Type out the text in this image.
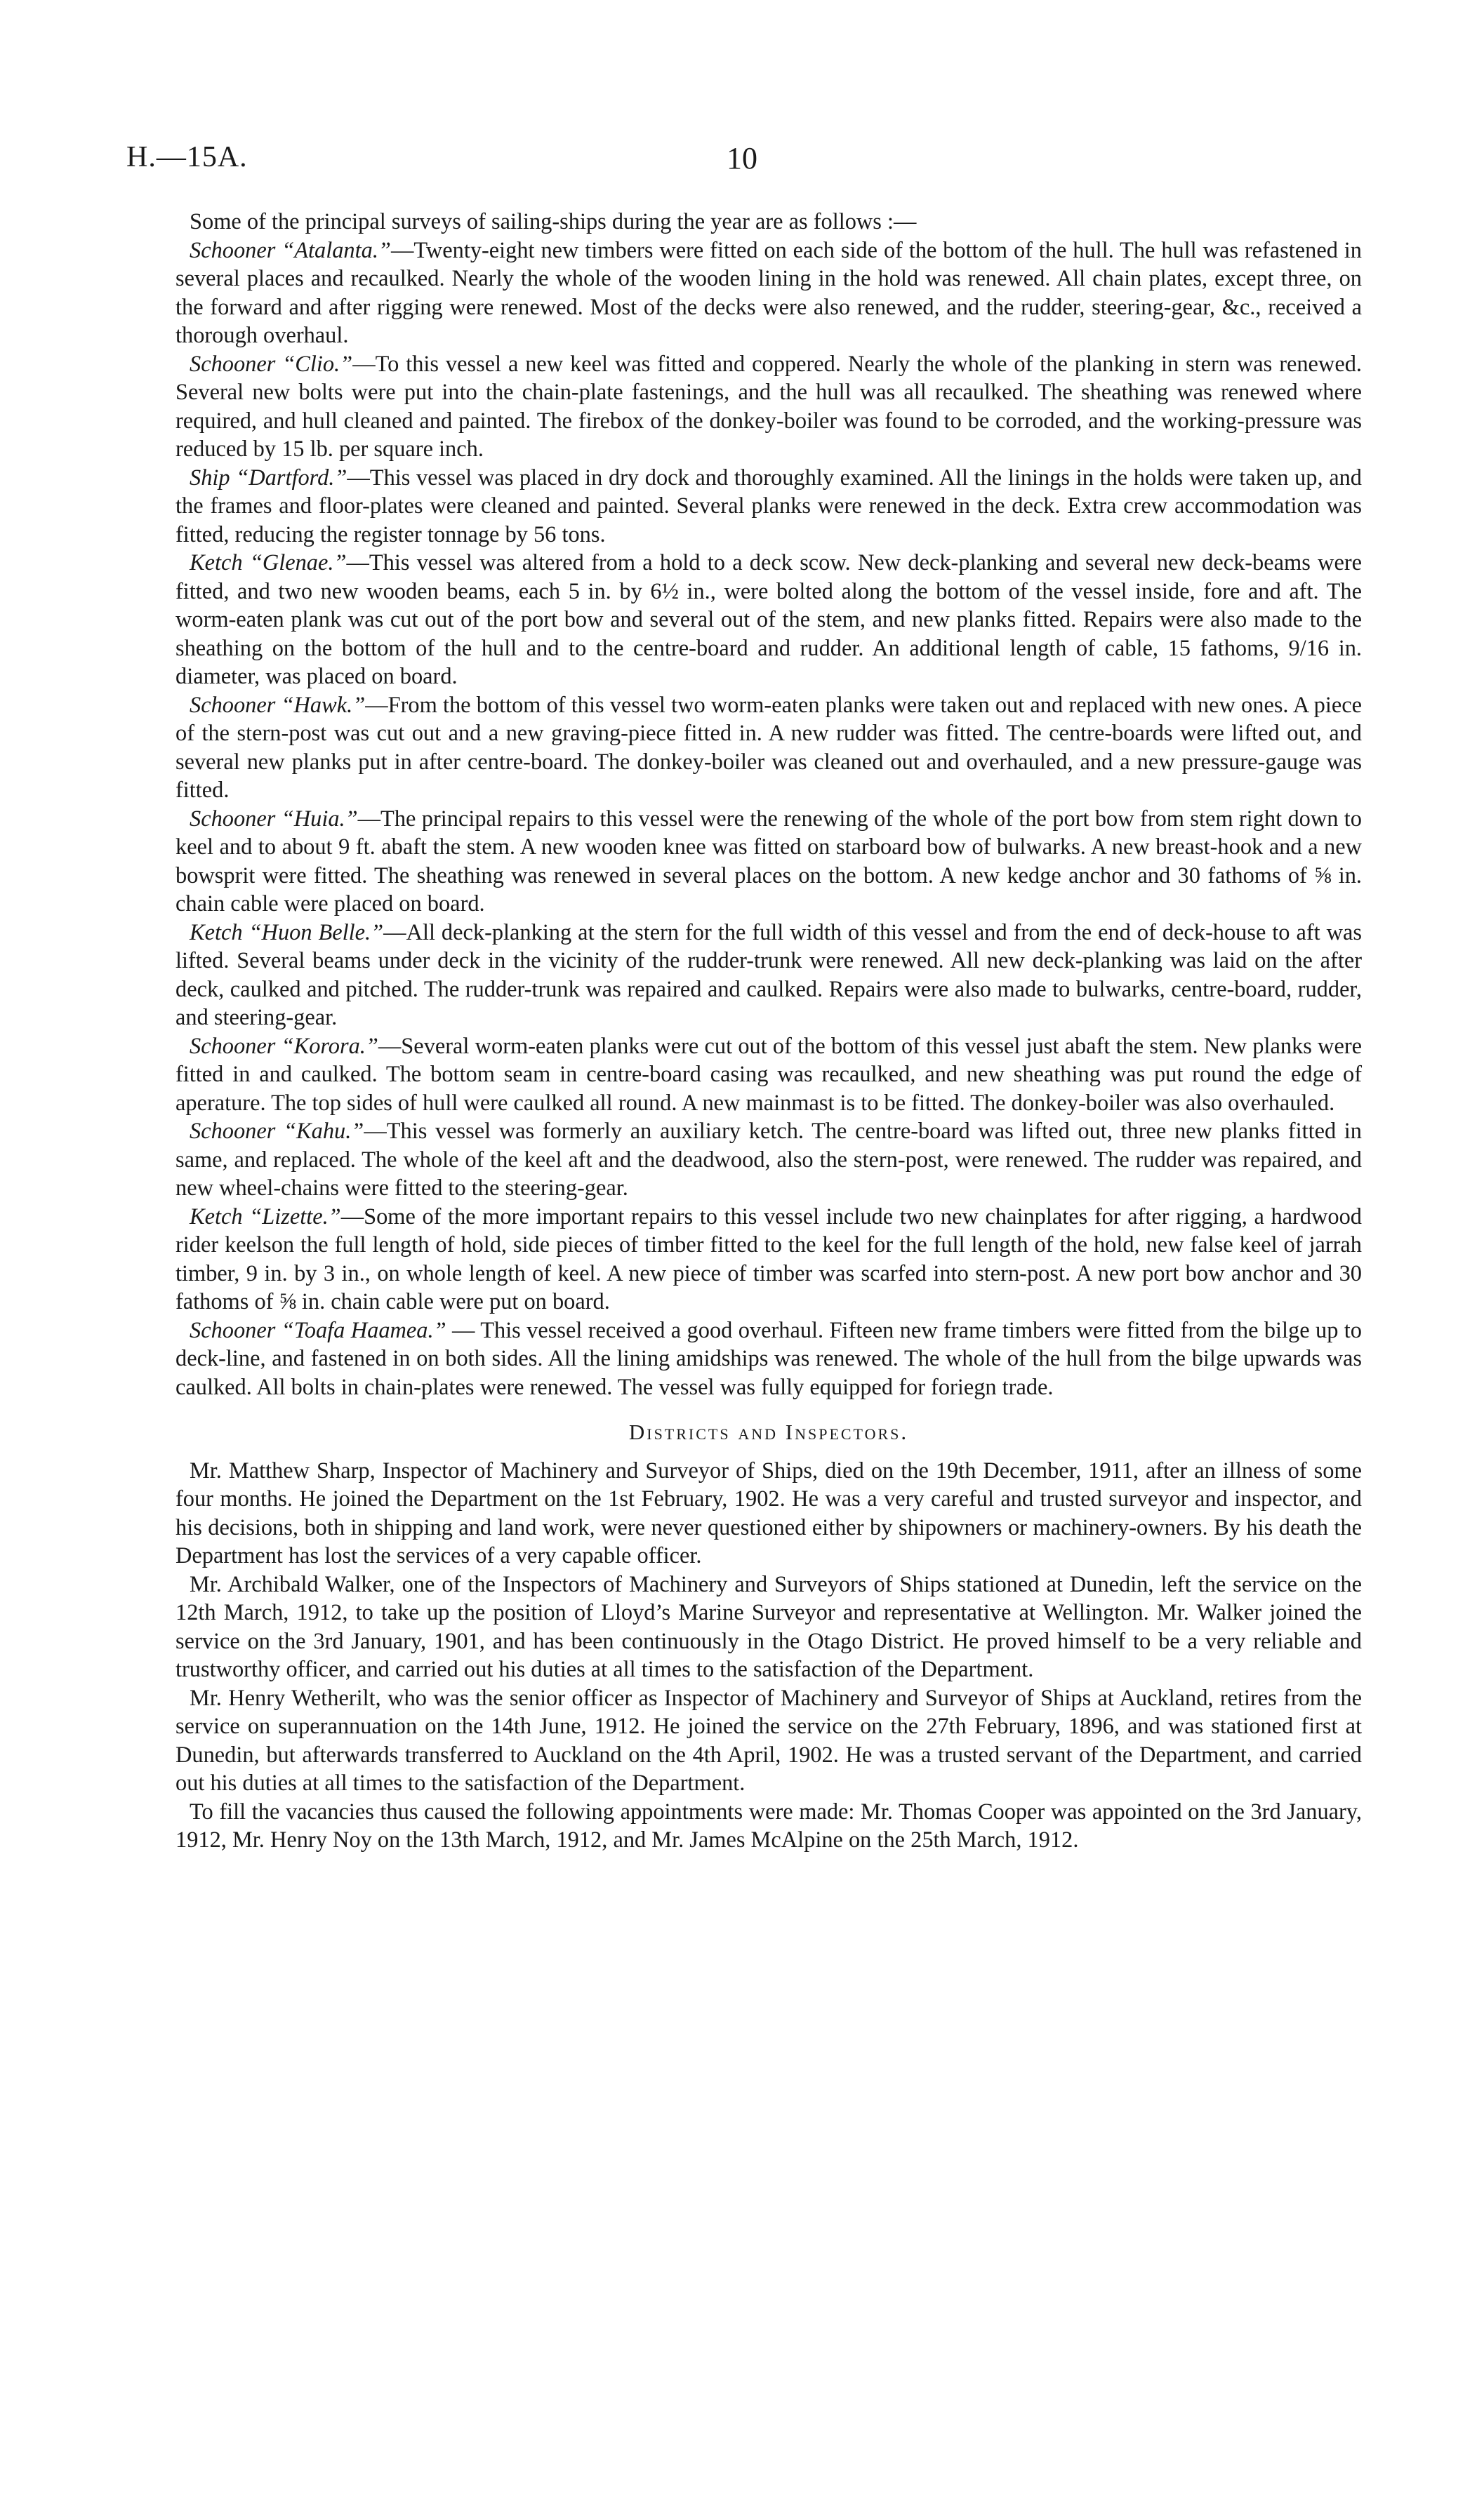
H.—15A.	10

Some of the principal surveys of sailing-ships during the year are as follows :—

Schooner “Atalanta.”—Twenty-eight new timbers were fitted on each side of the bottom of the hull. The hull was refastened in several places and recaulked. Nearly the whole of the wooden lining in the hold was renewed. All chain plates, except three, on the forward and after rigging were renewed. Most of the decks were also renewed, and the rudder, steering-gear, &c., received a thorough overhaul.

Schooner “Clio.”—To this vessel a new keel was fitted and coppered. Nearly the whole of the planking in stern was renewed. Several new bolts were put into the chain-plate fastenings, and the hull was all recaulked. The sheathing was renewed where required, and hull cleaned and painted. The firebox of the donkey-boiler was found to be corroded, and the working-pressure was reduced by 15 lb. per square inch.

Ship “Dartford.”—This vessel was placed in dry dock and thoroughly examined. All the linings in the holds were taken up, and the frames and floor-plates were cleaned and painted. Several planks were renewed in the deck. Extra crew accommodation was fitted, reducing the register tonnage by 56 tons.

Ketch “Glenae.”—This vessel was altered from a hold to a deck scow. New deck-planking and several new deck-beams were fitted, and two new wooden beams, each 5 in. by 6½ in., were bolted along the bottom of the vessel inside, fore and aft. The worm-eaten plank was cut out of the port bow and several out of the stem, and new planks fitted. Repairs were also made to the sheathing on the bottom of the hull and to the centre-board and rudder. An additional length of cable, 15 fathoms, 9/16 in. diameter, was placed on board.

Schooner “Hawk.”—From the bottom of this vessel two worm-eaten planks were taken out and replaced with new ones. A piece of the stern-post was cut out and a new graving-piece fitted in. A new rudder was fitted. The centre-boards were lifted out, and several new planks put in after centre-board. The donkey-boiler was cleaned out and overhauled, and a new pressure-gauge was fitted.

Schooner “Huia.”—The principal repairs to this vessel were the renewing of the whole of the port bow from stem right down to keel and to about 9 ft. abaft the stem. A new wooden knee was fitted on starboard bow of bulwarks. A new breast-hook and a new bowsprit were fitted. The sheathing was renewed in several places on the bottom. A new kedge anchor and 30 fathoms of ⅝ in. chain cable were placed on board.

Ketch “Huon Belle.”—All deck-planking at the stern for the full width of this vessel and from the end of deck-house to aft was lifted. Several beams under deck in the vicinity of the rudder-trunk were renewed. All new deck-planking was laid on the after deck, caulked and pitched. The rudder-trunk was repaired and caulked. Repairs were also made to bulwarks, centre-board, rudder, and steering-gear.

Schooner “Korora.”—Several worm-eaten planks were cut out of the bottom of this vessel just abaft the stem. New planks were fitted in and caulked. The bottom seam in centre-board casing was recaulked, and new sheathing was put round the edge of aperature. The top sides of hull were caulked all round. A new mainmast is to be fitted. The donkey-boiler was also overhauled.

Schooner “Kahu.”—This vessel was formerly an auxiliary ketch. The centre-board was lifted out, three new planks fitted in same, and replaced. The whole of the keel aft and the deadwood, also the stern-post, were renewed. The rudder was repaired, and new wheel-chains were fitted to the steering-gear.

Ketch “Lizette.”—Some of the more important repairs to this vessel include two new chainplates for after rigging, a hardwood rider keelson the full length of hold, side pieces of timber fitted to the keel for the full length of the hold, new false keel of jarrah timber, 9 in. by 3 in., on whole length of keel. A new piece of timber was scarfed into stern-post. A new port bow anchor and 30 fathoms of ⅝ in. chain cable were put on board.

Schooner “Toafa Haamea.” — This vessel received a good overhaul. Fifteen new frame timbers were fitted from the bilge up to deck-line, and fastened in on both sides. All the lining amidships was renewed. The whole of the hull from the bilge upwards was caulked. All bolts in chain-plates were renewed. The vessel was fully equipped for foriegn trade.

Districts and Inspectors.

Mr. Matthew Sharp, Inspector of Machinery and Surveyor of Ships, died on the 19th December, 1911, after an illness of some four months. He joined the Department on the 1st February, 1902. He was a very careful and trusted surveyor and inspector, and his decisions, both in shipping and land work, were never questioned either by shipowners or machinery-owners. By his death the Department has lost the services of a very capable officer.

Mr. Archibald Walker, one of the Inspectors of Machinery and Surveyors of Ships stationed at Dunedin, left the service on the 12th March, 1912, to take up the position of Lloyd’s Marine Surveyor and representative at Wellington. Mr. Walker joined the service on the 3rd January, 1901, and has been continuously in the Otago District. He proved himself to be a very reliable and trustworthy officer, and carried out his duties at all times to the satisfaction of the Department.

Mr. Henry Wetherilt, who was the senior officer as Inspector of Machinery and Surveyor of Ships at Auckland, retires from the service on superannuation on the 14th June, 1912. He joined the service on the 27th February, 1896, and was stationed first at Dunedin, but afterwards transferred to Auckland on the 4th April, 1902. He was a trusted servant of the Department, and carried out his duties at all times to the satisfaction of the Department.

To fill the vacancies thus caused the following appointments were made: Mr. Thomas Cooper was appointed on the 3rd January, 1912, Mr. Henry Noy on the 13th March, 1912, and Mr. James McAlpine on the 25th March, 1912.
